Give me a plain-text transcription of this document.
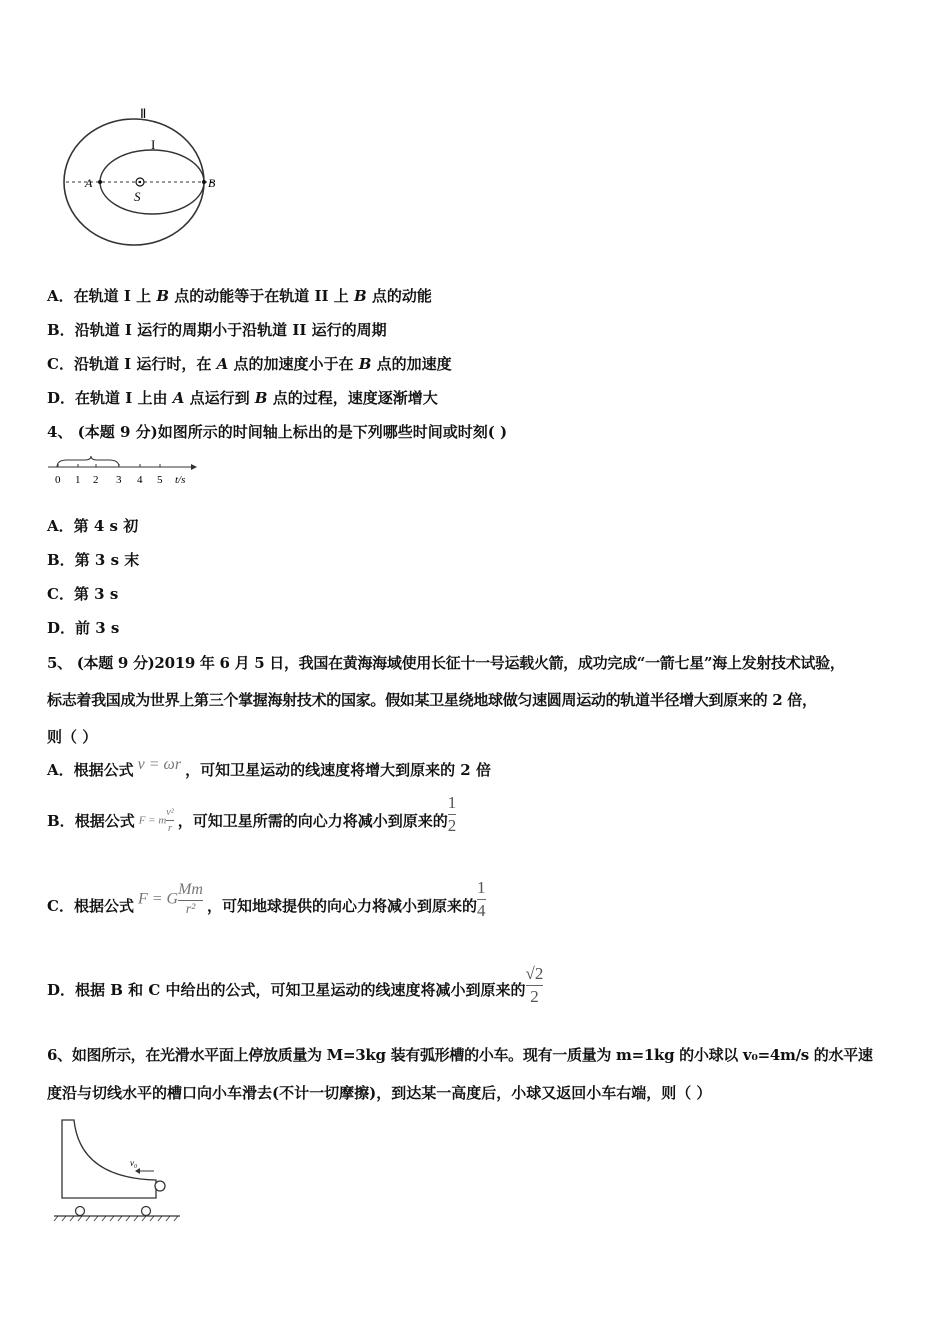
Ⅱ
I
A
S
B
A．在轨道 I 上 B 点的动能等于在轨道 II 上 B 点的动能
B．沿轨道 I 运行的周期小于沿轨道 II 运行的周期
C．沿轨道 I 运行时，在 A 点的加速度小于在 B 点的加速度
D．在轨道 I 上由 A 点运行到 B 点的过程，速度逐渐增大
4、 (本题 9 分)如图所示的时间轴上标出的是下列哪些时间或时刻( )
0 1 2 3 4 5 t/s
A．第 4 s 初
B．第 3 s 末
C．第 3 s
D．前 3 s
5、 (本题 9 分)2019 年 6 月 5 日，我国在黄海海域使用长征十一号运载火箭，成功完成“一箭七星”海上发射技术试验，
标志着我国成为世界上第三个掌握海射技术的国家。假如某卫星绕地球做匀速圆周运动的轨道半径增大到原来的 2 倍，
则（ ）
A．根据公式 v = ωr ，可知卫星运动的线速度将增大到原来的 2 倍
B．根据公式 F = m $\frac{\text{v²}}{r}$ ，可知卫星所需的向心力将减小到原来的 $\frac{1}{2}$
C．根据公式 F = G $\frac{Mm}{\text{r²}}$ ，可知地球提供的向心力将减小到原来的 $\frac{1}{4}$
D．根据 B 和 C 中给出的公式，可知卫星运动的线速度将减小到原来的 $\frac{√2}{2}$
6、如图所示，在光滑水平面上停放质量为 M=3kg 装有弧形槽的小车。现有一质量为 m=1kg 的小球以 v₀=4m/s 的水平速
度沿与切线水平的槽口向小车滑去(不计一切摩擦)，到达某一高度后，小球又返回小车右端，则（ ）
v₀
